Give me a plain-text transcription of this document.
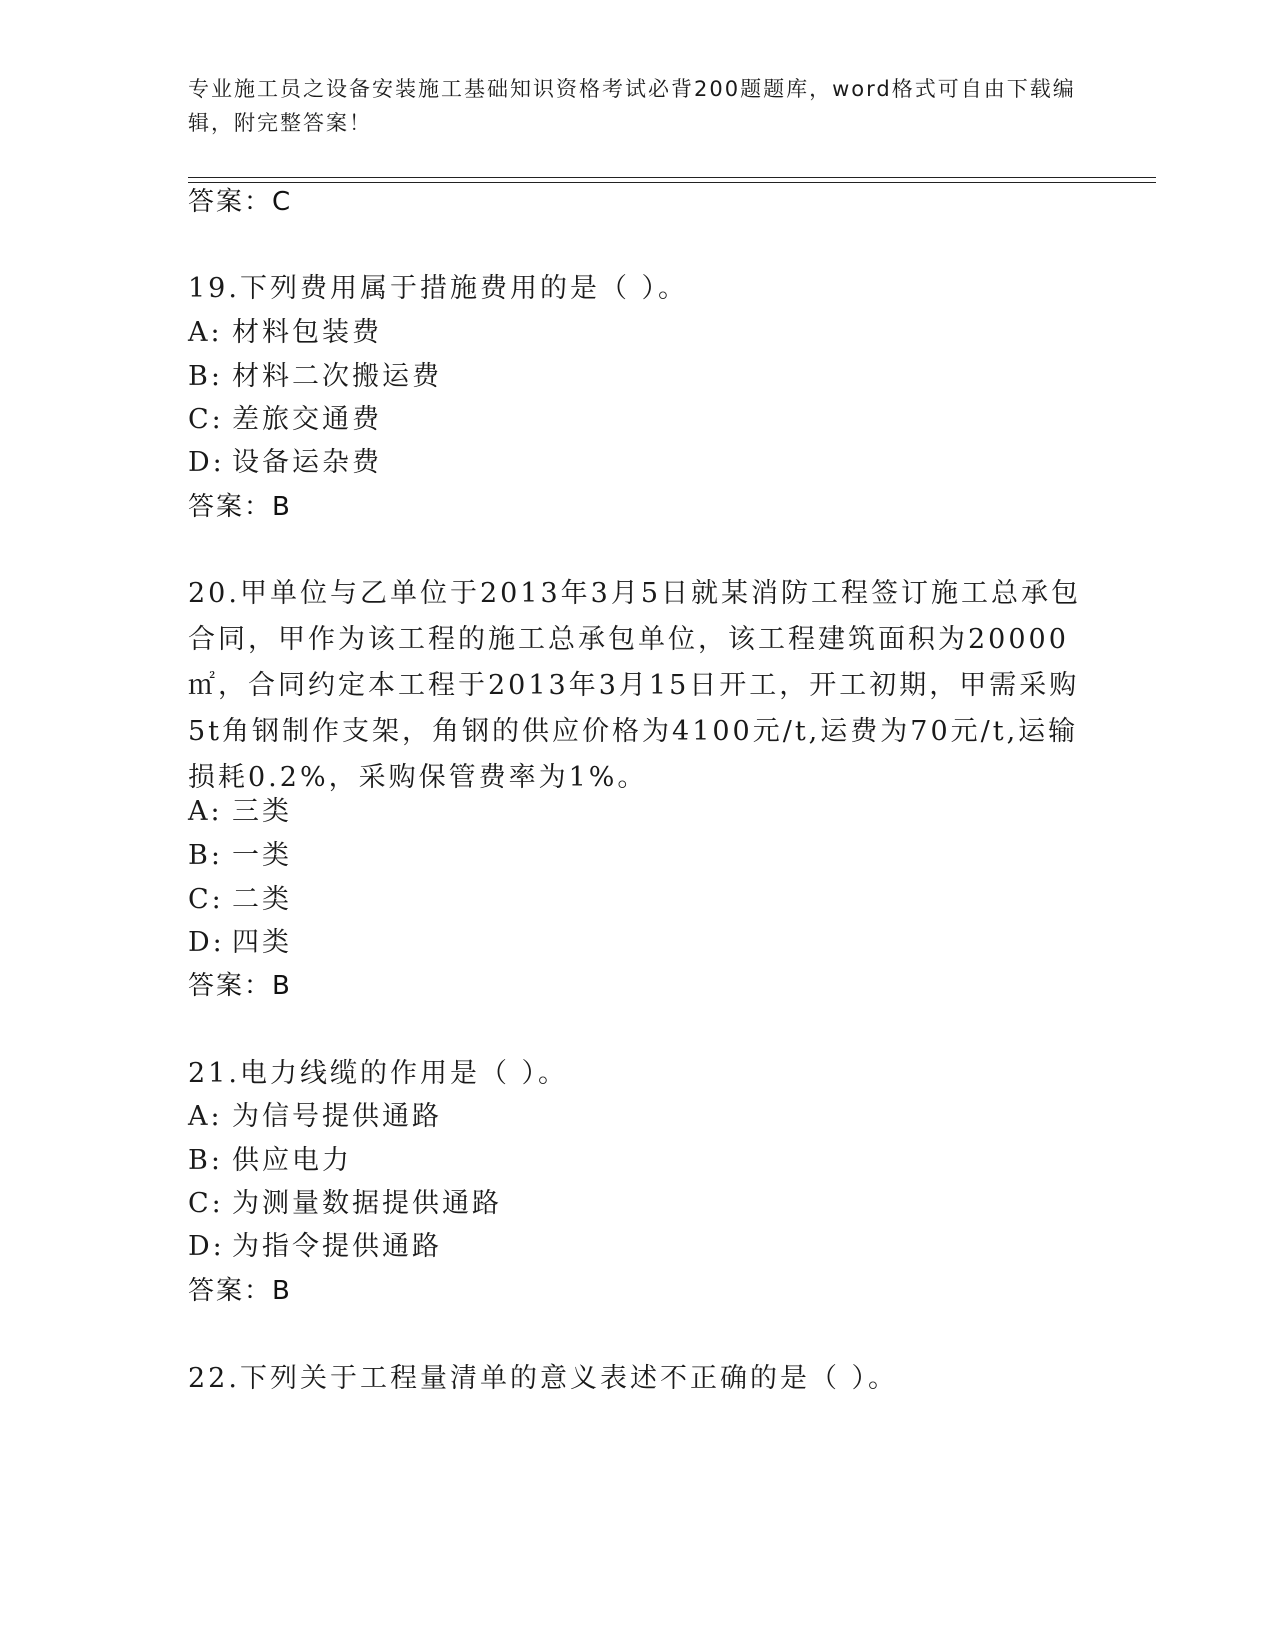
专业施工员之设备安装施工基础知识资格考试必背200题题库，word格式可自由下载编辑，附完整答案！
答案：C
19.下列费用属于措施费用的是（ ）。
A: 材料包装费
B: 材料二次搬运费
C: 差旅交通费
D: 设备运杂费
答案：B
20.甲单位与乙单位于2013年3月5日就某消防工程签订施工总承包合同，甲作为该工程的施工总承包单位，该工程建筑面积为20000㎡，合同约定本工程于2013年3月15日开工，开工初期，甲需采购5t角钢制作支架，角钢的供应价格为4100元/t,运费为70元/t,运输损耗0.2%，采购保管费率为1%。
A: 三类
B: 一类
C: 二类
D: 四类
答案：B
21.电力线缆的作用是（ ）。
A: 为信号提供通路
B: 供应电力
C: 为测量数据提供通路
D: 为指令提供通路
答案：B
22.下列关于工程量清单的意义表述不正确的是（ ）。
